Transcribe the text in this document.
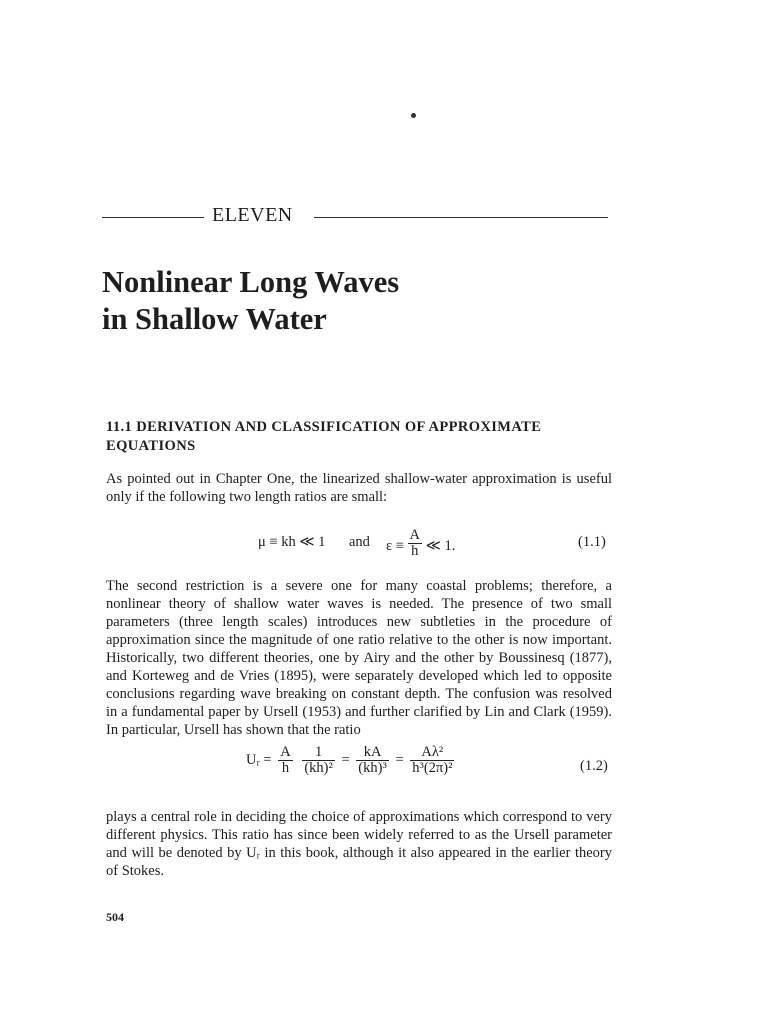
ELEVEN
Nonlinear Long Waves
in Shallow Water
11.1 DERIVATION AND CLASSIFICATION OF APPROXIMATE EQUATIONS
As pointed out in Chapter One, the linearized shallow-water approximation is useful only if the following two length ratios are small:
μ ≡ kh ≪ 1 and $\varepsilon \equiv \frac{A}{h}$ ≪ 1.	(1.1)
The second restriction is a severe one for many coastal problems; therefore, a nonlinear theory of shallow water waves is needed. The presence of two small parameters (three length scales) introduces new subtleties in the procedure of approximation since the magnitude of one ratio relative to the other is now important. Historically, two different theories, one by Airy and the other by Boussinesq (1877), and Korteweg and de Vries (1895), were separately developed which led to opposite conclusions regarding wave breaking on constant depth. The confusion was resolved in a fundamental paper by Ursell (1953) and further clarified by Lin and Clark (1959). In particular, Ursell has shown that the ratio
Uᵣ = $\frac{A}{h}$
$\frac{1}{\text{(kh)²}} = \frac{kA}{\text{(kh)³}} = \frac{\text{Aλ²}}{\text{h³(2π)²}}$	(1.2)
plays a central role in deciding the choice of approximations which correspond to very different physics. This ratio has since been widely referred to as the Ursell parameter and will be denoted by Uᵣ in this book, although it also appeared in the earlier theory of Stokes.
504
